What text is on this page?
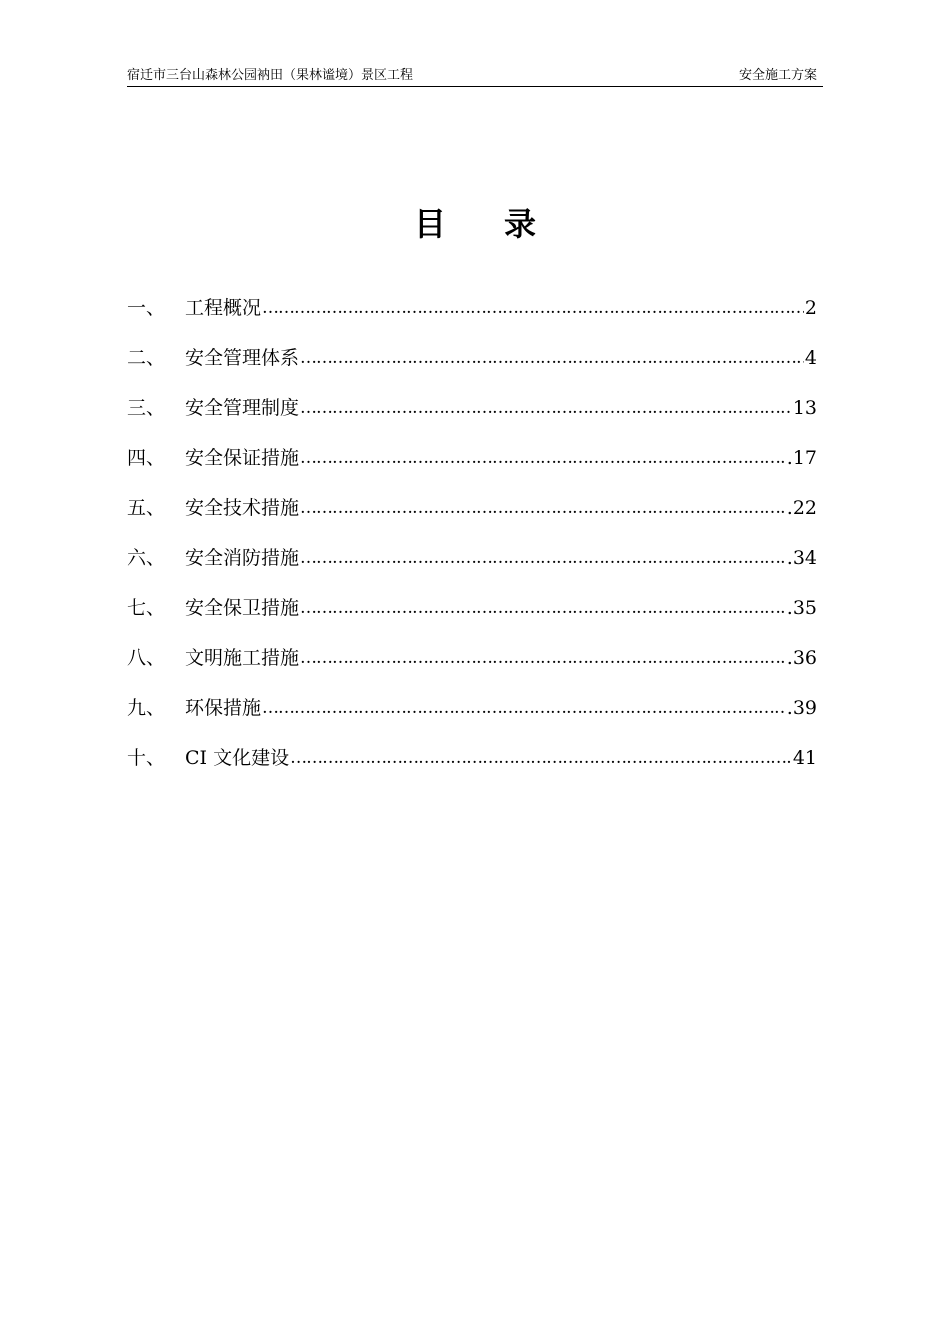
宿迁市三台山森林公园衲田（果林谧境）景区工程	安全施工方案
目 录
一、	工程概况 ……………………………………………………………………………………………………………………………………	2
二、	安全管理体系 ……………………………………………………………………………………………………………………………………	4
三、	安全管理制度 ……………………………………………………………………………………………………………………………………	13
四、	安全保证措施 ……………………………………………………………………………………………………………………………………	.17
五、	安全技术措施 ……………………………………………………………………………………………………………………………………	.22
六、	安全消防措施 ……………………………………………………………………………………………………………………………………	.34
七、	安全保卫措施 ……………………………………………………………………………………………………………………………………	.35
八、	文明施工措施 ……………………………………………………………………………………………………………………………………	.36
九、	环保措施 ……………………………………………………………………………………………………………………………………	.39
十、	CI 文化建设 ……………………………………………………………………………………………………………………………………	41
